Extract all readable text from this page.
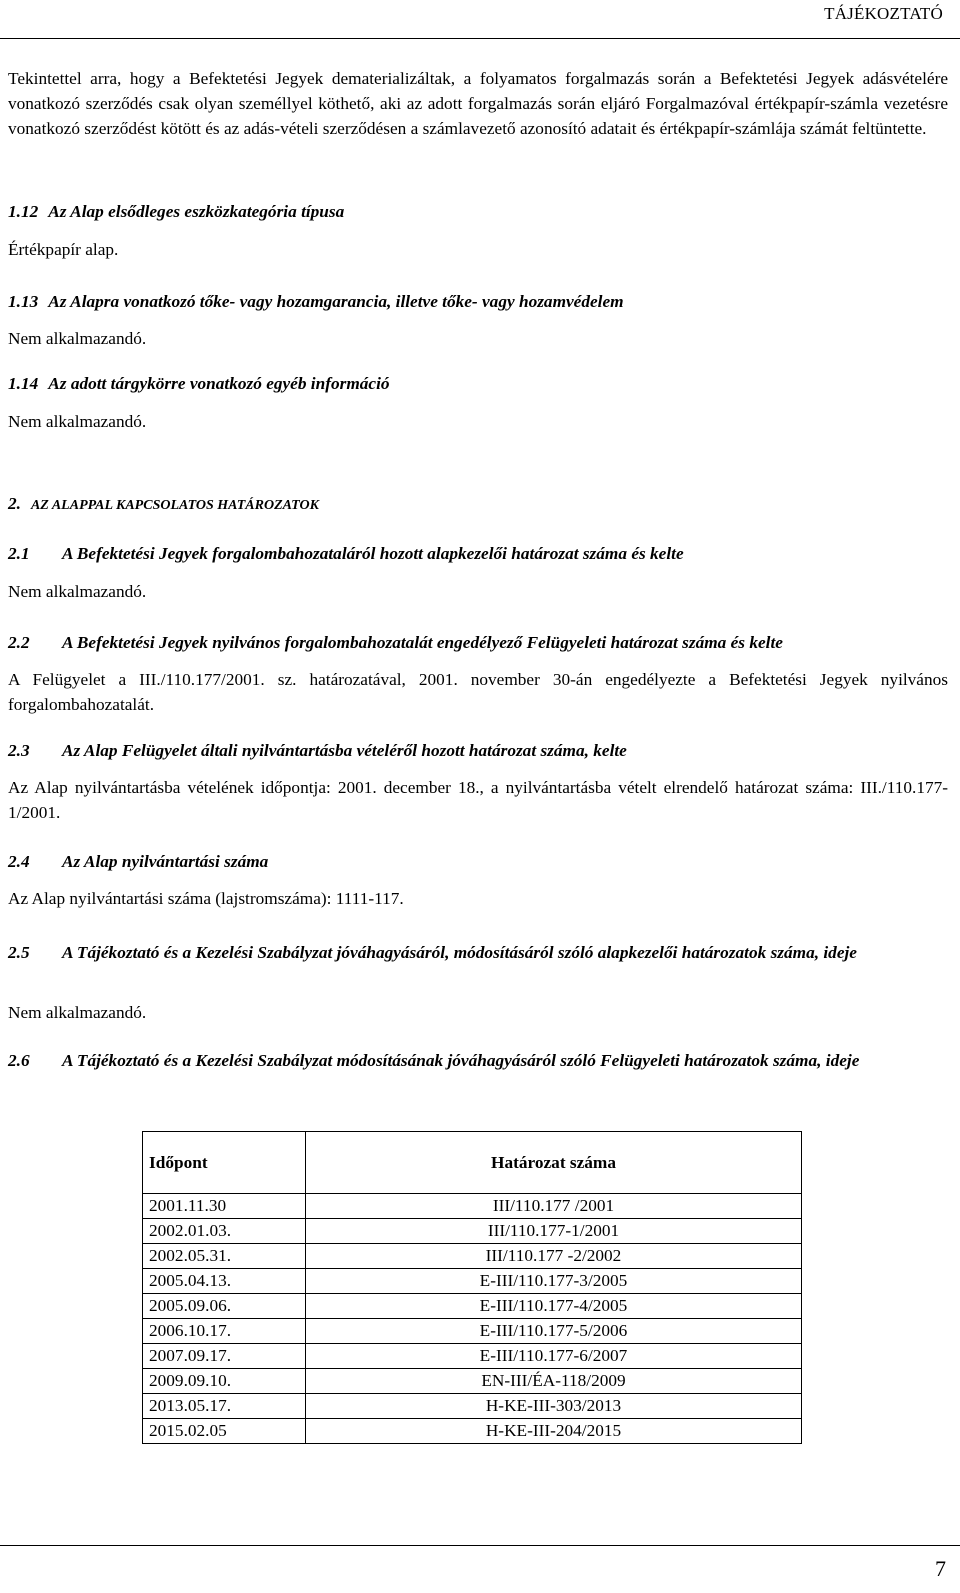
TÁJÉKOZTATÓ
Tekintettel arra, hogy a Befektetési Jegyek dematerializáltak, a folyamatos forgalmazás során a Befektetési Jegyek adásvételére vonatkozó szerződés csak olyan személlyel köthető, aki az adott forgalmazás során eljáró Forgalmazóval értékpapír-számla vezetésre vonatkozó szerződést kötött és az adás-vételi szerződésen a számlavezető azonosító adatait és értékpapír-számlája számát feltüntette.
1.12 Az Alap elsődleges eszközkategória típusa
Értékpapír alap.
1.13 Az Alapra vonatkozó tőke- vagy hozamgarancia, illetve tőke- vagy hozamvédelem
Nem alkalmazandó.
1.14 Az adott tárgykörre vonatkozó egyéb információ
Nem alkalmazandó.
2. AZ ALAPPAL KAPCSOLATOS HATÁROZATOK
2.1 A Befektetési Jegyek forgalombahozataláról hozott alapkezelői határozat száma és kelte
Nem alkalmazandó.
2.2 A Befektetési Jegyek nyilvános forgalombahozatalát engedélyező Felügyeleti határozat száma és kelte
A Felügyelet a III./110.177/2001. sz. határozatával, 2001. november 30-án engedélyezte a Befektetési Jegyek nyilvános forgalombahozatalát.
2.3 Az Alap Felügyelet általi nyilvántartásba vételéről hozott határozat száma, kelte
Az Alap nyilvántartásba vételének időpontja: 2001. december 18., a nyilvántartásba vételt elrendelő határozat száma: III./110.177-1/2001.
2.4 Az Alap nyilvántartási száma
Az Alap nyilvántartási száma (lajstromszáma): 1111-117.
2.5 A Tájékoztató és a Kezelési Szabályzat jóváhagyásáról, módosításáról szóló alapkezelői határozatok száma, ideje
Nem alkalmazandó.
2.6 A Tájékoztató és a Kezelési Szabályzat módosításának jóváhagyásáról szóló Felügyeleti határozatok száma, ideje
Időpont	Határozat száma
2001.11.30	III/110.177 /2001
2002.01.03.	III/110.177-1/2001
2002.05.31.	III/110.177 -2/2002
2005.04.13.	E-III/110.177-3/2005
2005.09.06.	E-III/110.177-4/2005
2006.10.17.	E-III/110.177-5/2006
2007.09.17.	E-III/110.177-6/2007
2009.09.10.	EN-III/ÉA-118/2009
2013.05.17.	H-KE-III-303/2013
2015.02.05	H-KE-III-204/2015
7
